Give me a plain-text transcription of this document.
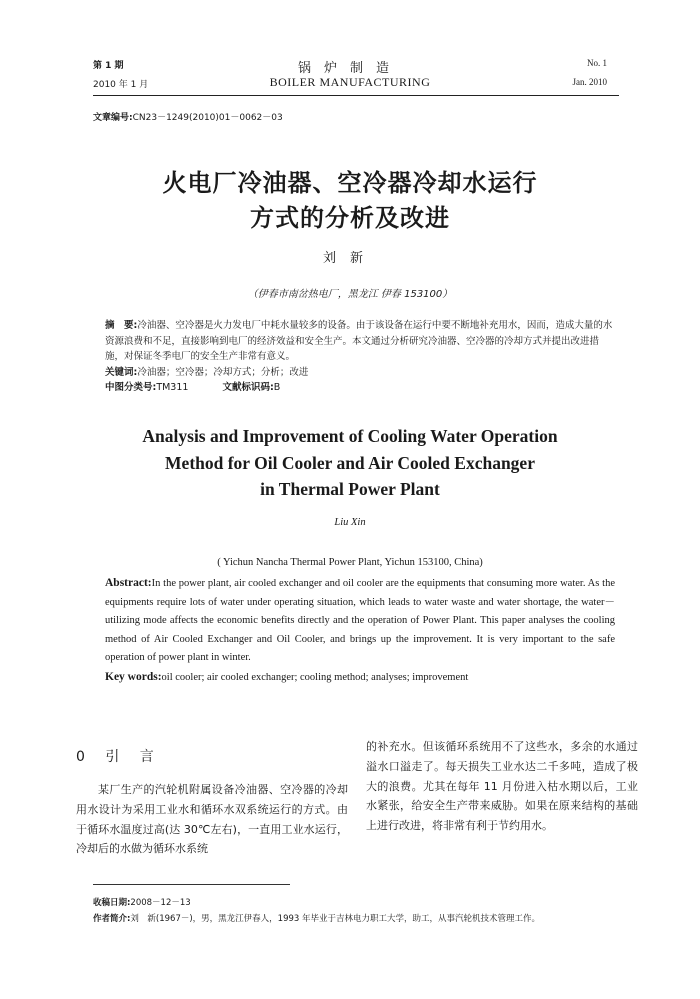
第 1 期
2010 年 1 月
锅炉制造
BOILER MANUFACTURING
No. 1
Jan. 2010
文章编号:CN23－1249(2010)01－0062－03
火电厂冷油器、空冷器冷却水运行
方式的分析及改进
刘新
（伊春市南岔热电厂，黑龙江 伊春 153100）

摘　要:冷油器、空冷器是火力发电厂中耗水量较多的设备。由于该设备在运行中要不断地补充用水，因而，造成大量的水资源浪费和不足，直接影响到电厂的经济效益和安全生产。本文通过分析研究冷油器、空冷器的冷却方式并提出改进措施，对保证冬季电厂的安全生产非常有意义。

关键词:冷油器；空冷器；冷却方式；分析；改进

中图分类号:TM311	文献标识码:B

Analysis and Improvement of Cooling Water Operation
Method for Oil Cooler and Air Cooled Exchanger
in Thermal Power Plant
Liu Xin
( Yichun Nancha Thermal Power Plant, Yichun 153100, China)

Abstract:In the power plant, air cooled exchanger and oil cooler are the equipments that consuming more water. As the equipments require lots of water under operating situation, which leads to water waste and water shortage, the water－utilizing mode affects the economic benefits directly and the operation of Power Plant. This paper analyses the cooling method of Air Cooled Exchanger and Oil Cooler, and brings up the improvement. It is very important to the safe operation of power plant in winter.

Key words:oil cooler; air cooled exchanger; cooling method; analyses; improvement

0 引 言

某厂生产的汽轮机附属设备冷油器、空冷器的冷却用水设计为采用工业水和循环水双系统运行的方式。由于循环水温度过高(达 30℃左右)，一直用工业水运行，冷却后的水做为循环水系统

的补充水。但该循环系统用不了这些水，多余的水通过溢水口溢走了。每天损失工业水达二千多吨，造成了极大的浪费。尤其在每年 11 月份进入枯水期以后，工业水紧张，给安全生产带来威胁。如果在原来结构的基础上进行改进，将非常有利于节约用水。

收稿日期:2008－12－13
作者简介:刘　新(1967－)，男，黑龙江伊春人，1993 年毕业于吉林电力职工大学，助工，从事汽轮机技术管理工作。
